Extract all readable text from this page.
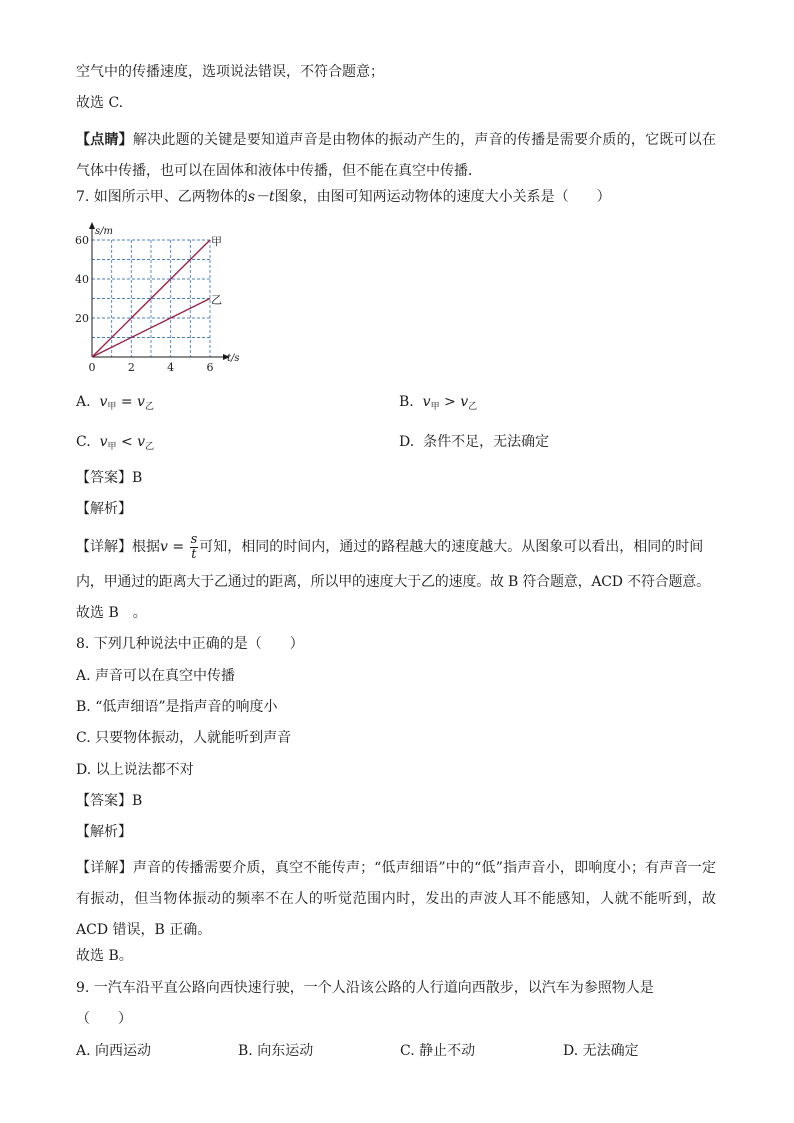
空气中的传播速度，选项说法错误，不符合题意；
故选 C.
【点睛】解决此题的关键是要知道声音是由物体的振动产生的，声音的传播是需要介质的，它既可以在气体中传播，也可以在固体和液体中传播，但不能在真空中传播．
7. 如图所示甲、乙两物体的s－t图象，由图可知两运动物体的速度大小关系是（　　）
20
40
60
0	2	4	6
s/m
t/s
甲
乙
A. $v_甲 = v_乙$	B. $v_甲 > v_乙$
C. $v_甲 < v_乙$	D. 条件不足，无法确定
【答案】B
【解析】
【详解】根据$v = \frac{s}{t}$ 可知，相同的时间内，通过的路程越大的速度越大。从图象可以看出，相同的时间
内，甲通过的距离大于乙通过的距离，所以甲的速度大于乙的速度。故 B 符合题意，ACD 不符合题意。
故选 B　。
8. 下列几种说法中正确的是（　　）
A. 声音可以在真空中传播
B. “低声细语”是指声音的响度小
C. 只要物体振动，人就能听到声音
D. 以上说法都不对
【答案】B
【解析】
【详解】声音的传播需要介质，真空不能传声；“低声细语”中的“低”指声音小，即响度小；有声音一定有振动，但当物体振动的频率不在人的听觉范围内时，发出的声波人耳不能感知，人就不能听到，故 ACD 错误，B 正确。
故选 B。
9. 一汽车沿平直公路向西快速行驶，一个人沿该公路的人行道向西散步，以汽车为参照物人是
（　　）
A. 向西运动	B. 向东运动	C. 静止不动	D. 无法确定
